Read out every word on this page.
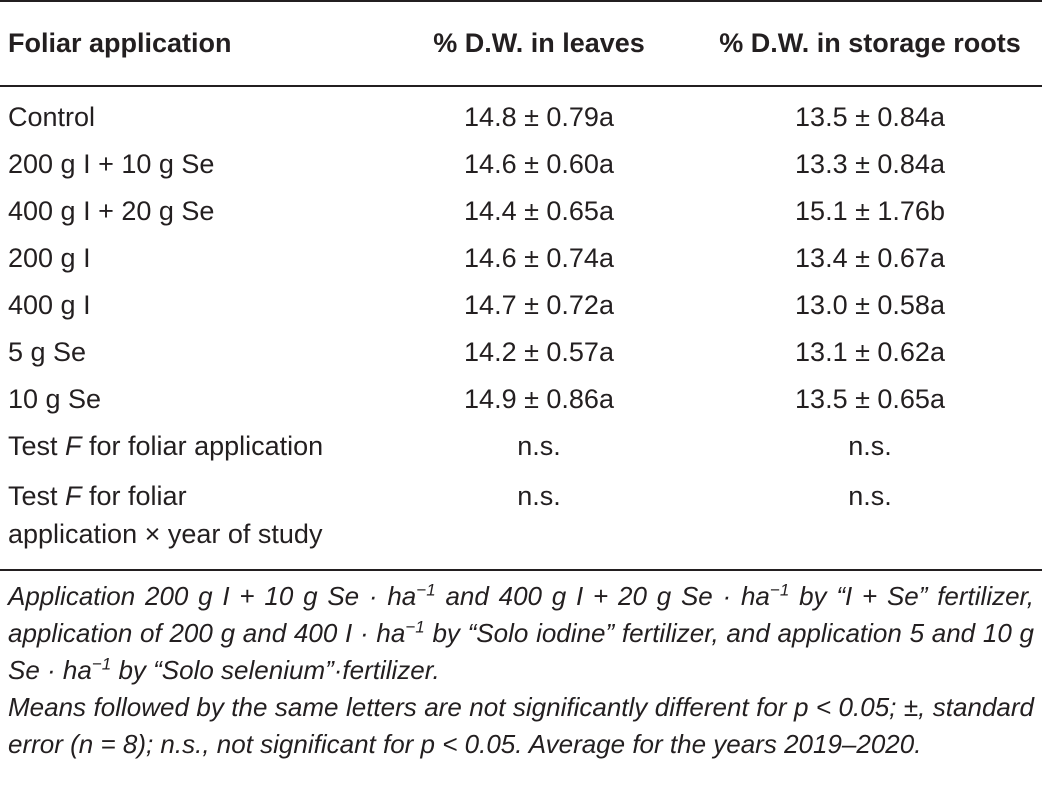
Foliar application	% D.W. in leaves	% D.W. in storage roots
Control	14.8 ± 0.79a	13.5 ± 0.84a
200 g I + 10 g Se	14.6 ± 0.60a	13.3 ± 0.84a
400 g I + 20 g Se	14.4 ± 0.65a	15.1 ± 1.76b
200 g I	14.6 ± 0.74a	13.4 ± 0.67a
400 g I	14.7 ± 0.72a	13.0 ± 0.58a
5 g Se	14.2 ± 0.57a	13.1 ± 0.62a
10 g Se	14.9 ± 0.86a	13.5 ± 0.65a
Test F for foliar application	n.s.	n.s.
Test F for foliar
application × year of study	n.s.	n.s.

Application 200 g I + 10 g $Se \cdot ha^{-1}$ and 400 g I + 20 g $Se \cdot ha^{-1}$ by “I + Se” fertilizer, application of 200 g and 400 $I \cdot ha^{-1}$ by “Solo iodine” fertilizer, and application 5 and 10 g $Se \cdot ha^{-1}$ by “Solo selenium”·fertilizer.

Means followed by the same letters are not significantly different for p < 0.05; ±, standard error (n = 8); n.s., not significant for p < 0.05. Average for the years 2019–2020.
